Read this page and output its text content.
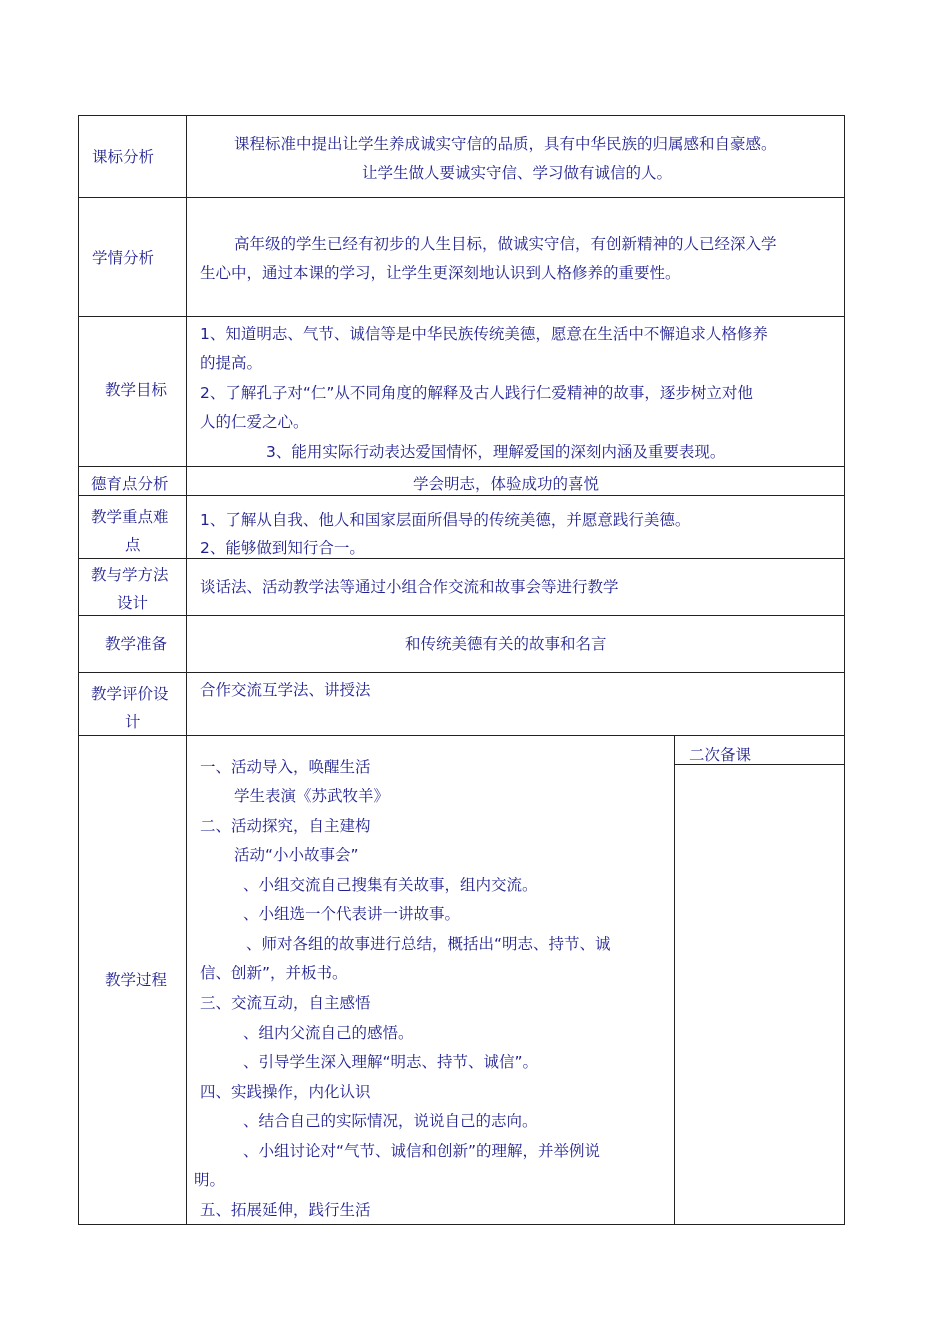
课标分析
课程标准中提出让学生养成诚实守信的品质，具有中华民族的归属感和自豪感。
让学生做人要诚实守信、学习做有诚信的人。
学情分析
高年级的学生已经有初步的人生目标，做诚实守信，有创新精神的人已经深入学
生心中，通过本课的学习，让学生更深刻地认识到人格修养的重要性。
教学目标
1、知道明志、气节、诚信等是中华民族传统美德，愿意在生活中不懈追求人格修养
的提高。
2、了解孔子对“仁”从不同角度的解释及古人践行仁爱精神的故事，逐步树立对他
人的仁爱之心。
3、能用实际行动表达爱国情怀，理解爱国的深刻内涵及重要表现。
德育点分析	学会明志，体验成功的喜悦
教学重点难
点
1、了解从自我、他人和国家层面所倡导的传统美德，并愿意践行美德。
2、能够做到知行合一。
教与学方法
设计
谈话法、活动教学法等通过小组合作交流和故事会等进行教学
教学准备	和传统美德有关的故事和名言
教学评价设
计
合作交流互学法、讲授法
教学过程
二次备课
一、活动导入，唤醒生活
学生表演《苏武牧羊》
二、活动探究，自主建构
活动“小小故事会”
、小组交流自己搜集有关故事，组内交流。
、小组选一个代表讲一讲故事。
、师对各组的故事进行总结，概括出“明志、持节、诚
信、创新”，并板书。
三、交流互动，自主感悟
、组内父流自己的感悟。
、引导学生深入理解“明志、持节、诚信”。
四、实践操作，内化认识
、结合自己的实际情况，说说自己的志向。
、小组讨论对“气节、诚信和创新”的理解，并举例说
明。
五、拓展延伸，践行生活
